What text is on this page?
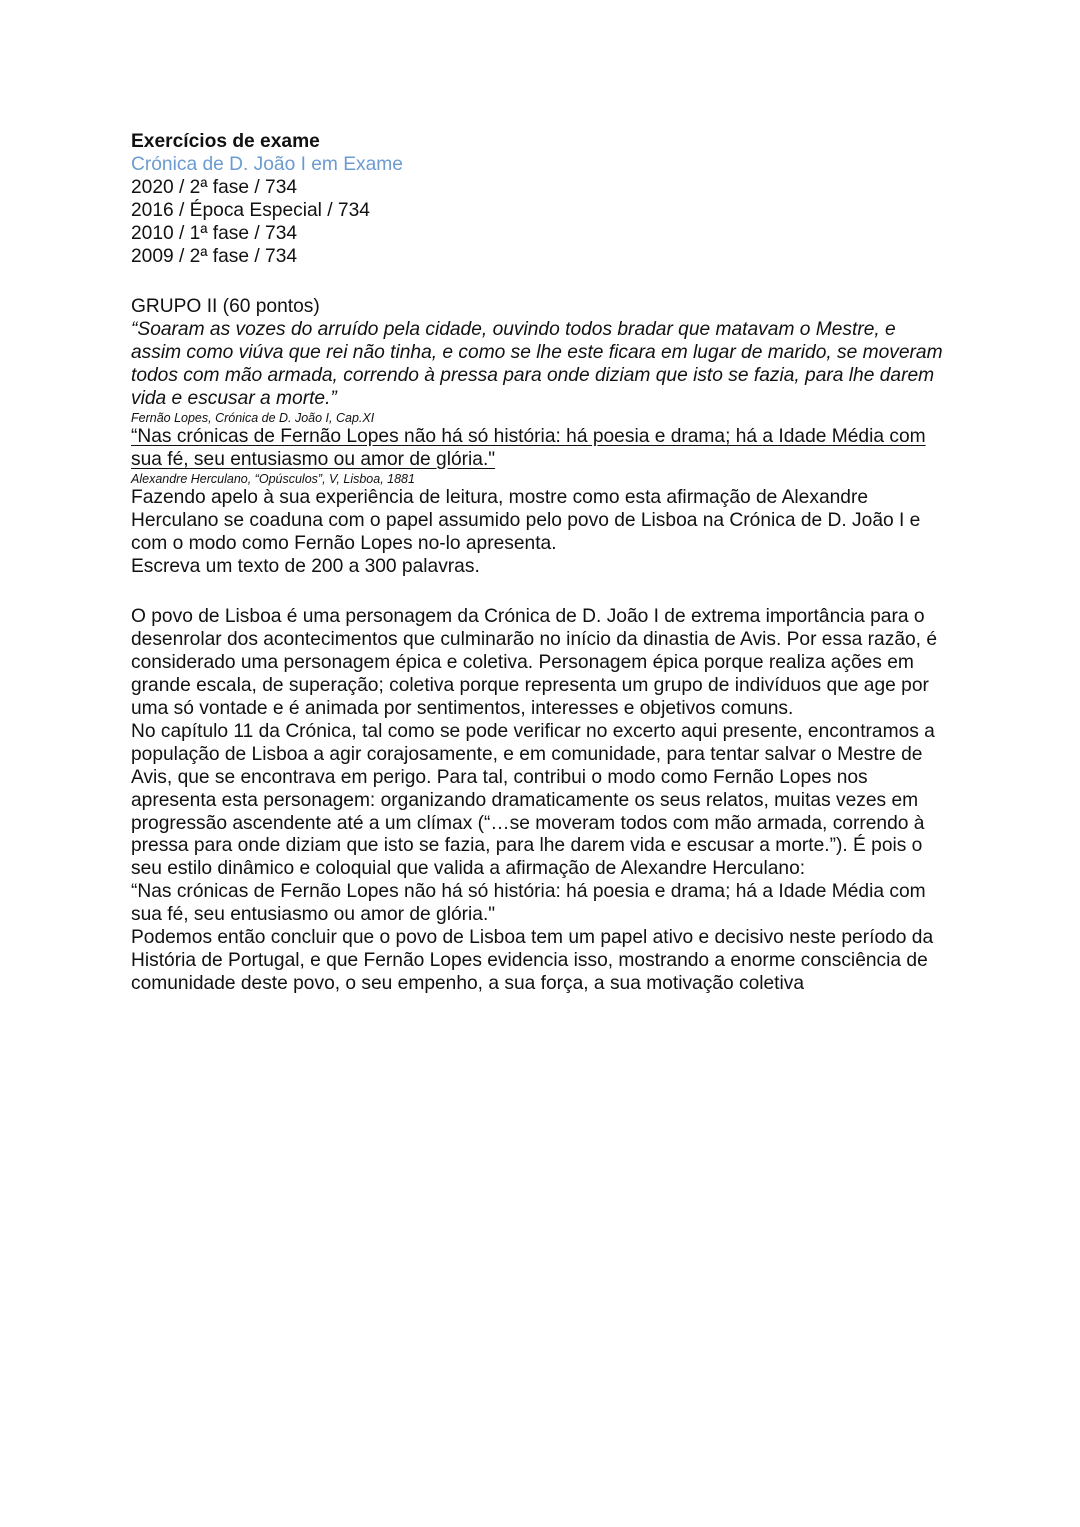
Exercícios de exame

Crónica de D. João I em Exame

2020 / 2ª fase / 734

2016 / Época Especial / 734

2010 / 1ª fase / 734

2009 / 2ª fase / 734

GRUPO II (60 pontos)

“Soaram as vozes do arruído pela cidade, ouvindo todos bradar que matavam o Mestre, e assim como viúva que rei não tinha, e como se lhe este ficara em lugar de marido, se moveram todos com mão armada, correndo à pressa para onde diziam que isto se fazia, para lhe darem vida e escusar a morte.”

Fernão Lopes, Crónica de D. João I, Cap.XI

“Nas crónicas de Fernão Lopes não há só história: há poesia e drama; há a Idade Média com sua fé, seu entusiasmo ou amor de glória."

Alexandre Herculano, “Opúsculos”, V, Lisboa, 1881

Fazendo apelo à sua experiência de leitura, mostre como esta afirmação de Alexandre Herculano se coaduna com o papel assumido pelo povo de Lisboa na Crónica de D. João I e com o modo como Fernão Lopes no-lo apresenta.

Escreva um texto de 200 a 300 palavras.

O povo de Lisboa é uma personagem da Crónica de D. João I de extrema importância para o desenrolar dos acontecimentos que culminarão no início da dinastia de Avis. Por essa razão, é considerado uma personagem épica e coletiva. Personagem épica porque realiza ações em grande escala, de superação; coletiva porque representa um grupo de indivíduos que age por uma só vontade e é animada por sentimentos, interesses e objetivos comuns.

No capítulo 11 da Crónica, tal como se pode verificar no excerto aqui presente, encontramos a população de Lisboa a agir corajosamente, e em comunidade, para tentar salvar o Mestre de Avis, que se encontrava em perigo. Para tal, contribui o modo como Fernão Lopes nos apresenta esta personagem: organizando dramaticamente os seus relatos, muitas vezes em progressão ascendente até a um clímax (“…se moveram todos com mão armada, correndo à pressa para onde diziam que isto se fazia, para lhe darem vida e escusar a morte.”). É pois o seu estilo dinâmico e coloquial que valida a afirmação de Alexandre Herculano:

“Nas crónicas de Fernão Lopes não há só história: há poesia e drama; há a Idade Média com sua fé, seu entusiasmo ou amor de glória."

Podemos então concluir que o povo de Lisboa tem um papel ativo e decisivo neste período da História de Portugal, e que Fernão Lopes evidencia isso, mostrando a enorme consciência de comunidade deste povo, o seu empenho, a sua força, a sua motivação coletiva
